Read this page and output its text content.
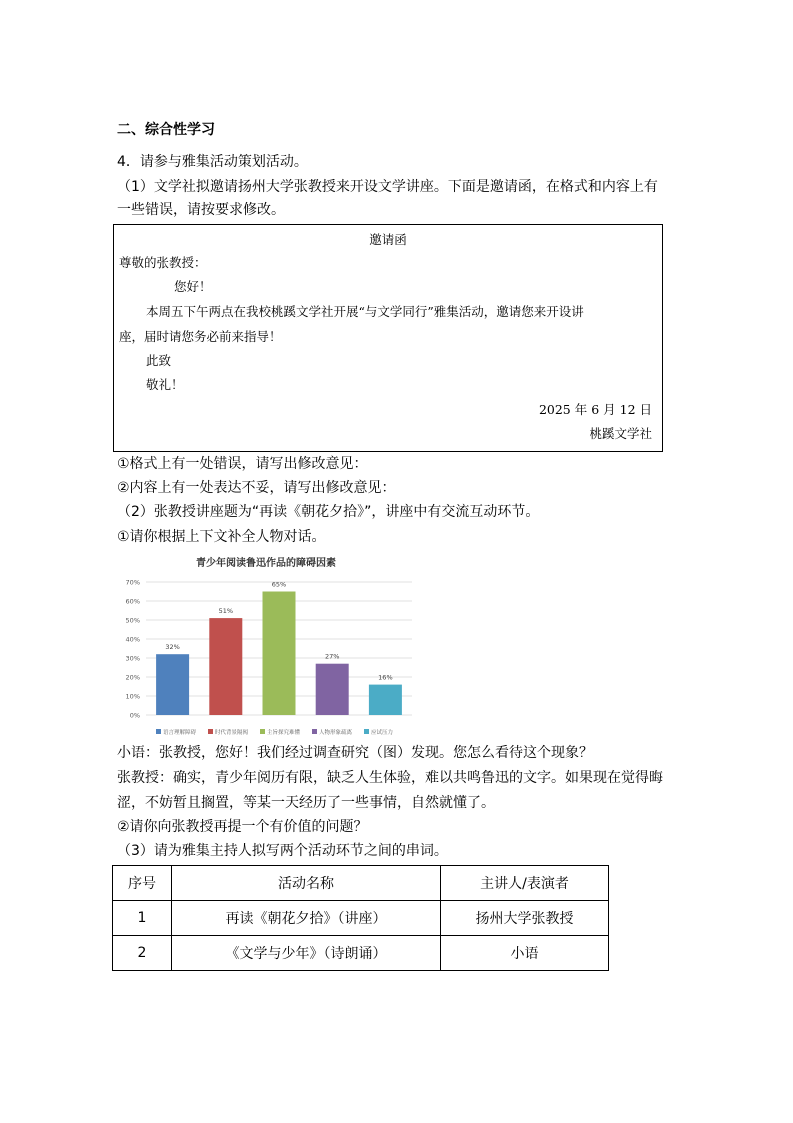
二、综合性学习
4．请参与雅集活动策划活动。
（1）文学社拟邀请扬州大学张教授来开设文学讲座。下面是邀请函，在格式和内容上有
一些错误，请按要求修改。
邀请函
尊敬的张教授：
您好！
本周五下午两点在我校桃蹊文学社开展“与文学同行”雅集活动，邀请您来开设讲
座，届时请您务必前来指导！
此致
敬礼！
2025 年 6 月 12 日
桃蹊文学社
①格式上有一处错误，请写出修改意见：
②内容上有一处表达不妥，请写出修改意见：
（2）张教授讲座题为“再读《朝花夕拾》”，讲座中有交流互动环节。
①请你根据上下文补全人物对话。
青少年阅读鲁迅作品的障碍因素
0%
10%
20%
30%
40%
50%
60%
70%
32%
51%
65%
27%
16%
语言理解障碍	时代背景隔阂	主旨探究难懂	人物形象疏离	应试压力
小语：张教授，您好！我们经过调查研究（图）发现。您怎么看待这个现象？
张教授：确实，青少年阅历有限，缺乏人生体验，难以共鸣鲁迅的文字。如果现在觉得晦
涩，不妨暂且搁置，等某一天经历了一些事情，自然就懂了。
②请你向张教授再提一个有价值的问题？
（3）请为雅集主持人拟写两个活动环节之间的串词。
序号	活动名称	主讲人/表演者
1	再读《朝花夕拾》（讲座）	扬州大学张教授
2	《文学与少年》（诗朗诵）	小语
